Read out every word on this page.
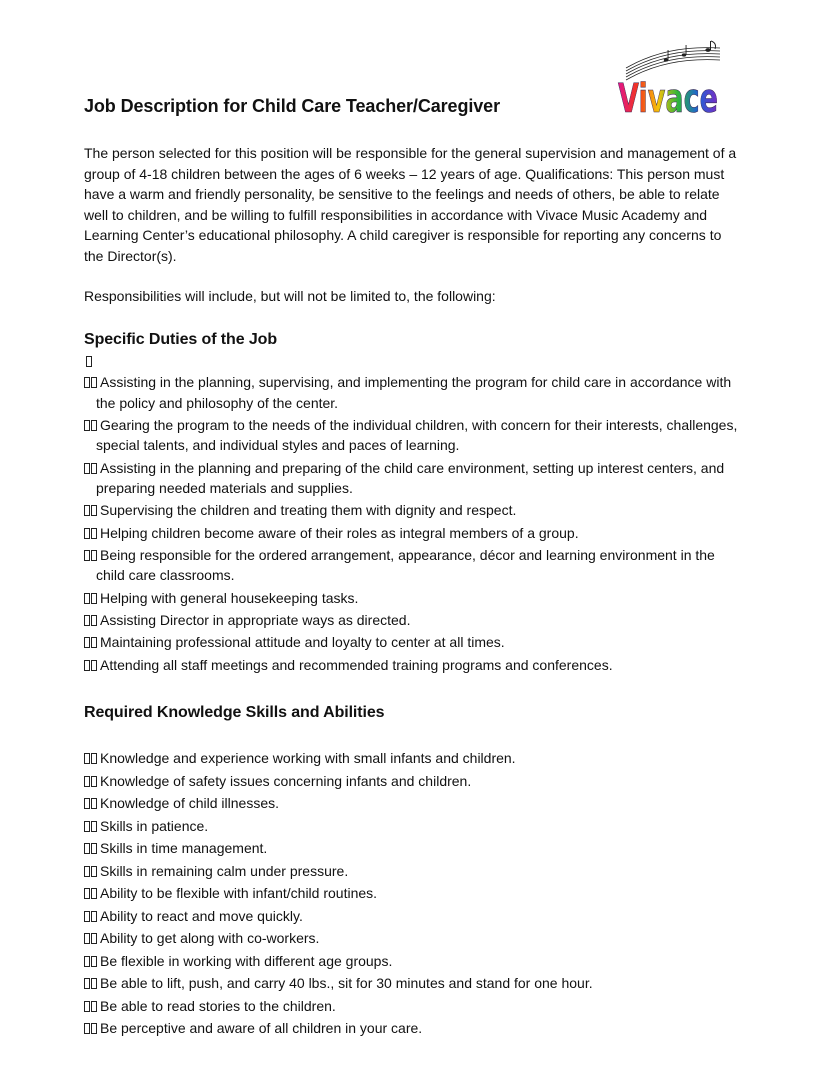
Job Description for Child Care Teacher/Caregiver	Vivace

The person selected for this position will be responsible for the general supervision and management of a group of 4-18 children between the ages of 6 weeks – 12 years of age. Qualifications: This person must have a warm and friendly personality, be sensitive to the feelings and needs of others, be able to relate well to children, and be willing to fulfill responsibilities in accordance with Vivace Music Academy and Learning Center’s educational philosophy. A child caregiver is responsible for reporting any concerns to the Director(s).

Responsibilities will include, but will not be limited to, the following:

Specific Duties of the Job
Assisting in the planning, supervising, and implementing the program for child care in accordance with the policy and philosophy of the center.
Gearing the program to the needs of the individual children, with concern for their interests, challenges, special talents, and individual styles and paces of learning.
Assisting in the planning and preparing of the child care environment, setting up interest centers, and preparing needed materials and supplies.
Supervising the children and treating them with dignity and respect.
Helping children become aware of their roles as integral members of a group.
Being responsible for the ordered arrangement, appearance, décor and learning environment in the child care classrooms.
Helping with general housekeeping tasks.
Assisting Director in appropriate ways as directed.
Maintaining professional attitude and loyalty to center at all times.
Attending all staff meetings and recommended training programs and conferences.
Required Knowledge Skills and Abilities
Knowledge and experience working with small infants and children.
Knowledge of safety issues concerning infants and children.
Knowledge of child illnesses.
Skills in patience.
Skills in time management.
Skills in remaining calm under pressure.
Ability to be flexible with infant/child routines.
Ability to react and move quickly.
Ability to get along with co-workers.
Be flexible in working with different age groups.
Be able to lift, push, and carry 40 lbs., sit for 30 minutes and stand for one hour.
Be able to read stories to the children.
Be perceptive and aware of all children in your care.
